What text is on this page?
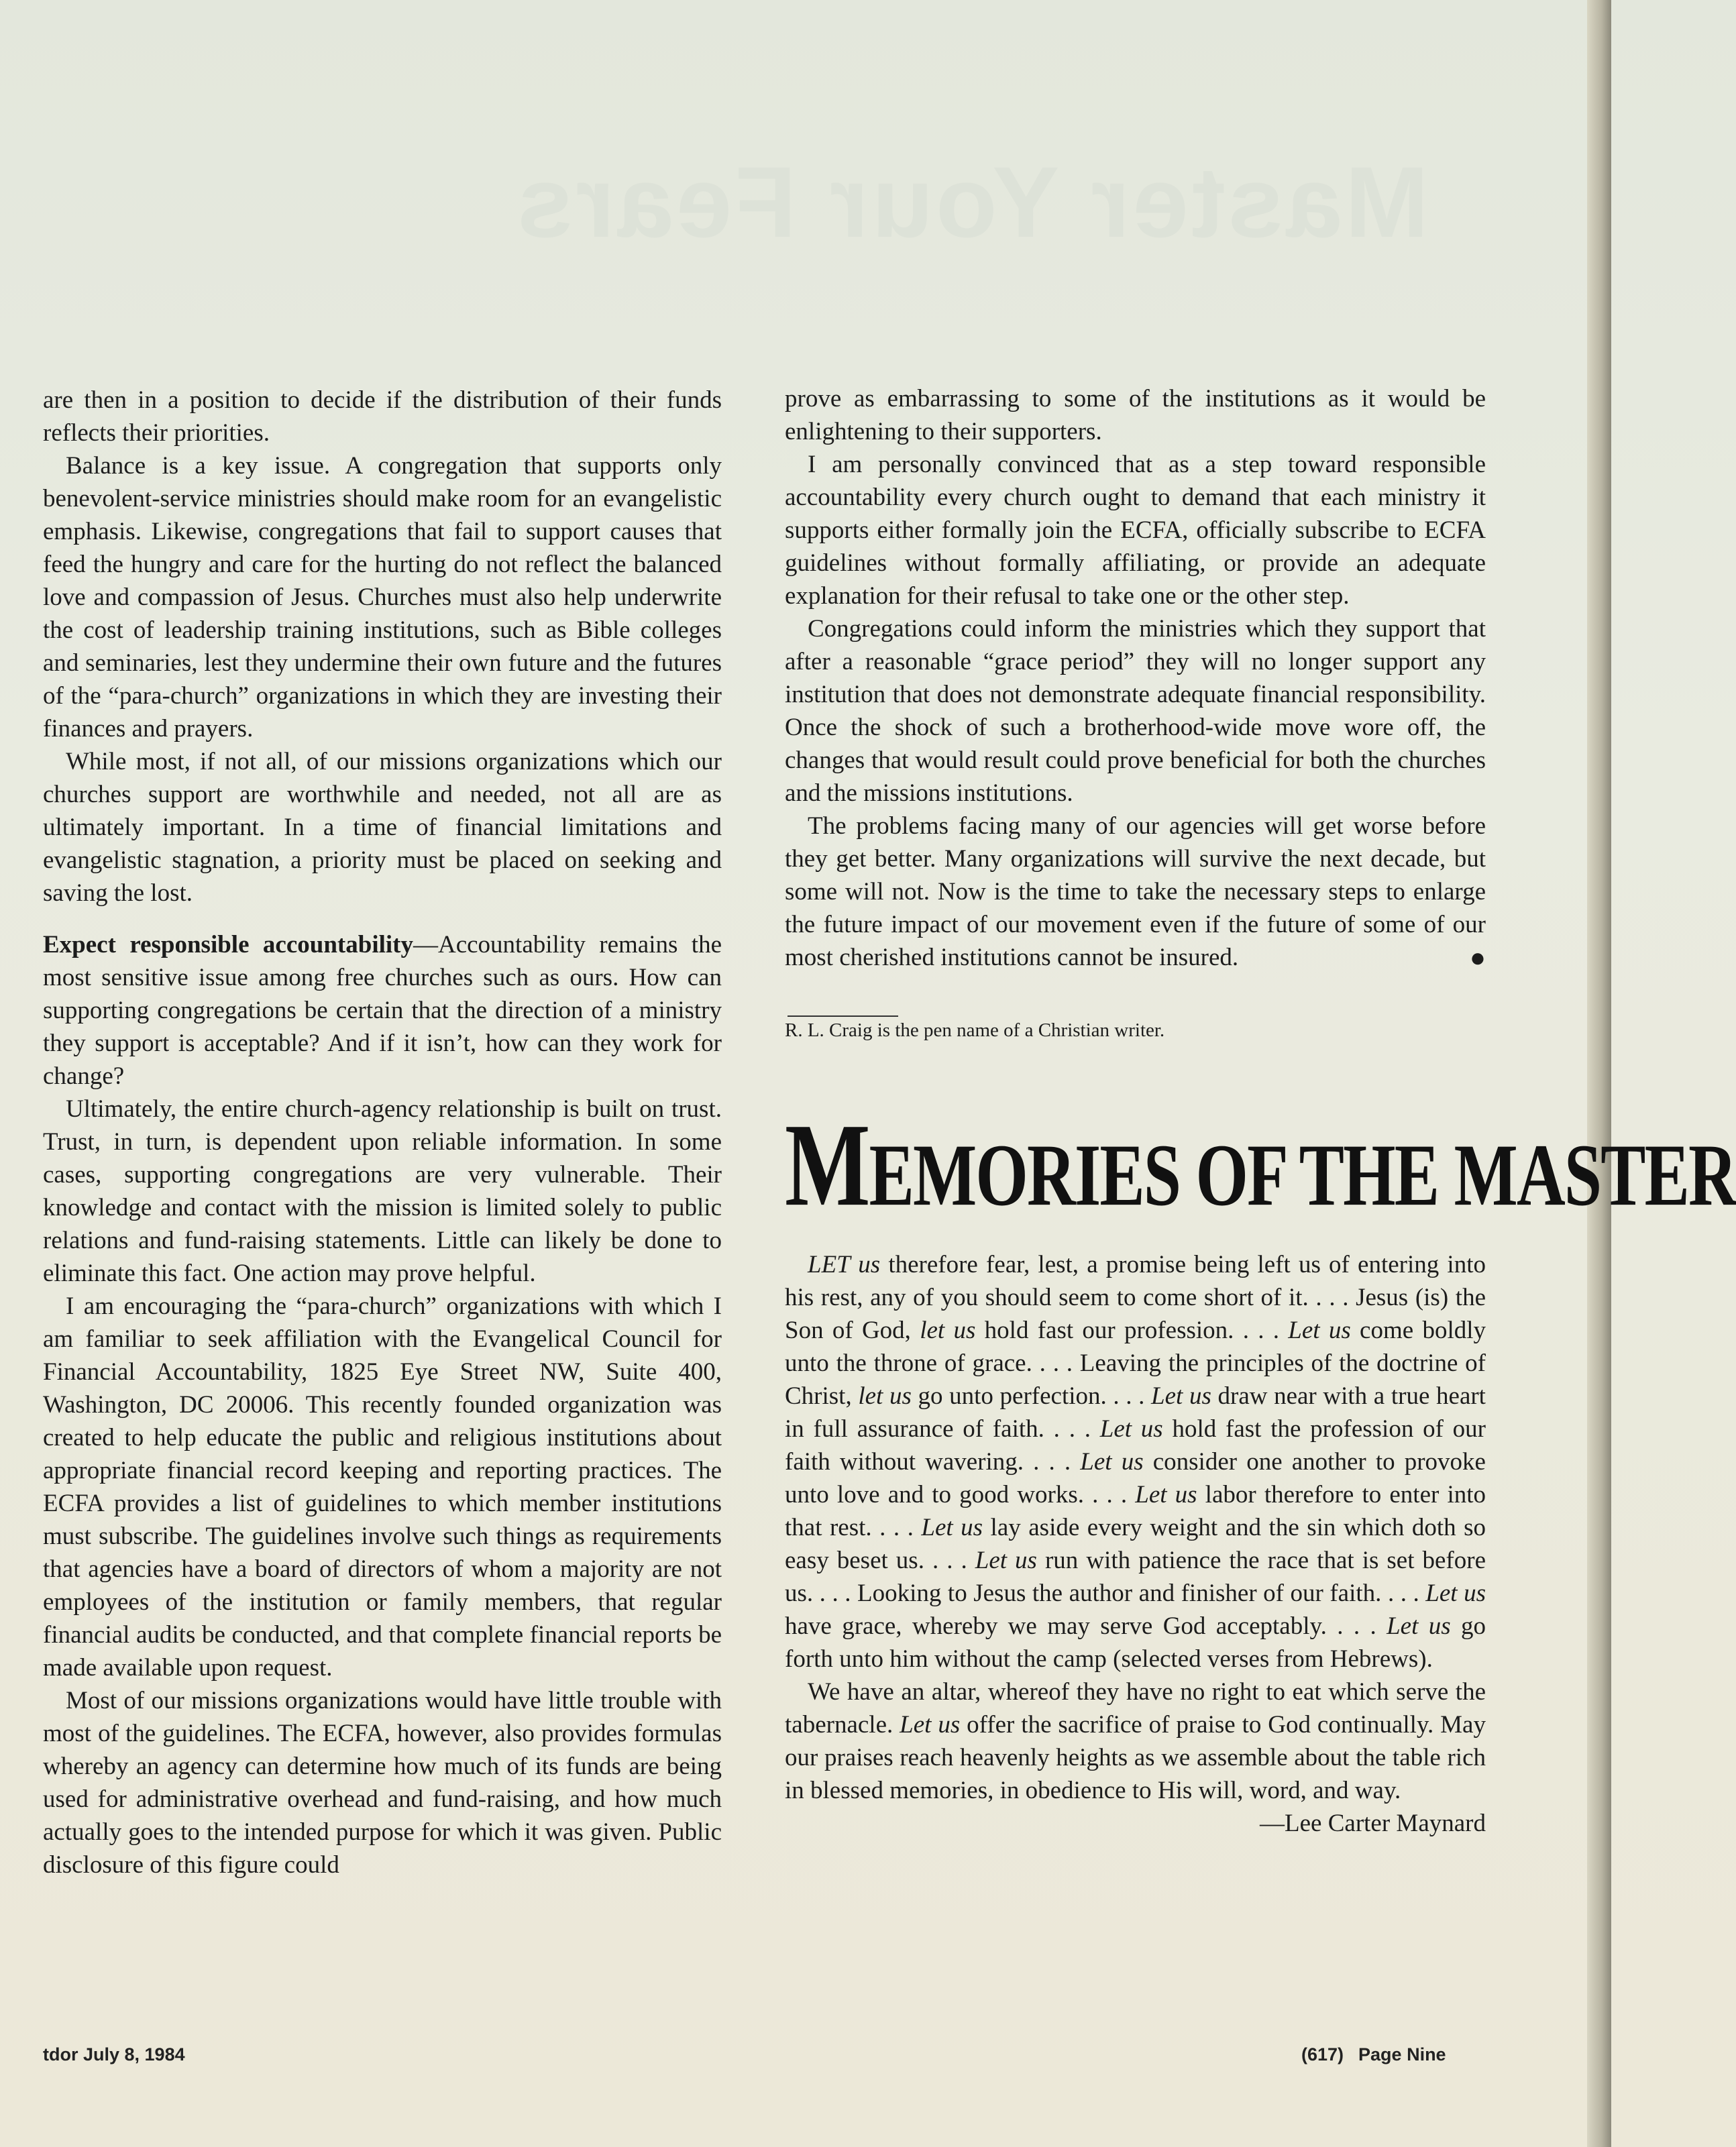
Master Your Fears

are then in a position to decide if the distribution of their funds reflects their priorities.

Balance is a key issue. A congregation that supports only benevolent-service ministries should make room for an evangelistic emphasis. Likewise, congregations that fail to support causes that feed the hungry and care for the hurting do not reflect the balanced love and compassion of Jesus. Churches must also help underwrite the cost of leadership training institutions, such as Bible colleges and seminaries, lest they undermine their own future and the futures of the “para-church” organizations in which they are investing their finances and prayers.

While most, if not all, of our missions organizations which our churches support are worthwhile and needed, not all are as ultimately important. In a time of financial limitations and evangelistic stagnation, a priority must be placed on seeking and saving the lost.

Expect responsible accountability—Accountability remains the most sensitive issue among free churches such as ours. How can supporting congregations be certain that the direction of a ministry they support is acceptable? And if it isn’t, how can they work for change?

Ultimately, the entire church-agency relationship is built on trust. Trust, in turn, is dependent upon reliable information. In some cases, supporting congregations are very vulnerable. Their knowledge and contact with the mission is limited solely to public relations and fund-raising statements. Little can likely be done to eliminate this fact. One action may prove helpful.

I am encouraging the “para-church” organizations with which I am familiar to seek affiliation with the Evangelical Council for Financial Accountability, 1825 Eye Street NW, Suite 400, Washington, DC 20006. This recently founded organization was created to help educate the public and religious institutions about appropriate financial record keeping and reporting practices. The ECFA provides a list of guidelines to which member institutions must subscribe. The guidelines involve such things as requirements that agencies have a board of directors of whom a majority are not employees of the institution or family members, that regular financial audits be conducted, and that complete financial reports be made available upon request.

Most of our missions organizations would have little trouble with most of the guidelines. The ECFA, however, also provides formulas whereby an agency can determine how much of its funds are being used for administrative overhead and fund-raising, and how much actually goes to the intended purpose for which it was given. Public disclosure of this figure could

prove as embarrassing to some of the institutions as it would be enlightening to their supporters.

I am personally convinced that as a step toward responsible accountability every church ought to demand that each ministry it supports either formally join the ECFA, officially subscribe to ECFA guidelines without formally affiliating, or provide an adequate explanation for their refusal to take one or the other step.

Congregations could inform the ministries which they support that after a reasonable “grace period” they will no longer support any institution that does not demonstrate adequate financial responsibility. Once the shock of such a brotherhood-wide move wore off, the changes that would result could prove beneficial for both the churches and the missions institutions.

The problems facing many of our agencies will get worse before they get better. Many organizations will survive the next decade, but some will not. Now is the time to take the necessary steps to enlarge the future impact of our movement even if the future of some of our most cherished institutions cannot be insured.	●

R. L. Craig is the pen name of a Christian writer.

MEMORIES OF THE MASTER

LET us therefore fear, lest, a promise being left us of entering into his rest, any of you should seem to come short of it. . . . Jesus (is) the Son of God, let us hold fast our profession. . . . Let us come boldly unto the throne of grace. . . . Leaving the principles of the doctrine of Christ, let us go unto perfection. . . . Let us draw near with a true heart in full assurance of faith. . . . Let us hold fast the profession of our faith without wavering. . . . Let us consider one another to provoke unto love and to good works. . . . Let us labor therefore to enter into that rest. . . . Let us lay aside every weight and the sin which doth so easy beset us. . . . Let us run with patience the race that is set before us. . . . Looking to Jesus the author and finisher of our faith. . . . Let us have grace, whereby we may serve God acceptably. . . . Let us go forth unto him without the camp (selected verses from Hebrews).

We have an altar, whereof they have no right to eat which serve the tabernacle. Let us offer the sacrifice of praise to God continually. May our praises reach heavenly heights as we assemble about the table rich in blessed memories, in obedience to His will, word, and way.

—Lee Carter Maynard

tdor July 8, 1984	(617) Page Nine
